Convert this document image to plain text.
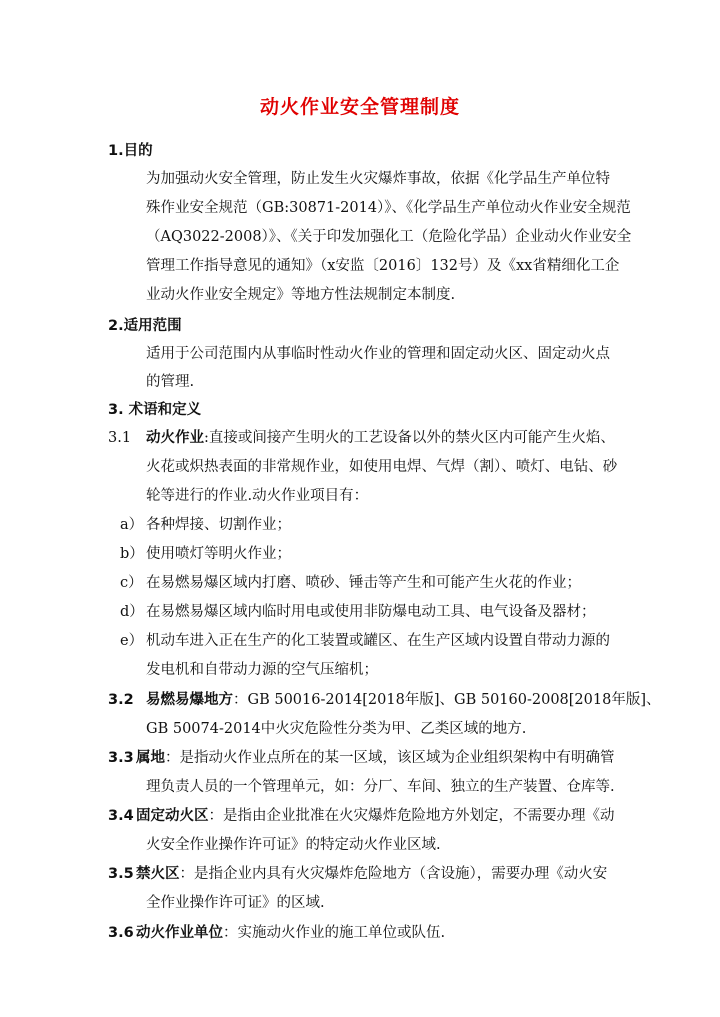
动火作业安全管理制度
1.目的
为加强动火安全管理，防止发生火灾爆炸事故，依据《化学品生产单位特
殊作业安全规范（GB:30871-2014）》、《化学品生产单位动火作业安全规范
（AQ3022-2008）》、《关于印发加强化工（危险化学品）企业动火作业安全
管理工作指导意见的通知》（x安监〔2016〕132号）及《xx省精细化工企
业动火作业安全规定》等地方性法规制定本制度.
2.适用范围
适用于公司范围内从事临时性动火作业的管理和固定动火区、固定动火点
的管理.
3. 术语和定义
3.1 动火作业:直接或间接产生明火的工艺设备以外的禁火区内可能产生火焰、
火花或炽热表面的非常规作业，如使用电焊、气焊（割）、喷灯、电钻、砂
轮等进行的作业.动火作业项目有：
a） 各种焊接、切割作业；
b） 使用喷灯等明火作业；
c） 在易燃易爆区域内打磨、喷砂、锤击等产生和可能产生火花的作业；
d） 在易燃易爆区域内临时用电或使用非防爆电动工具、电气设备及器材；
e） 机动车进入正在生产的化工装置或罐区、在生产区域内设置自带动力源的
发电机和自带动力源的空气压缩机；
3.2 易燃易爆地方：GB 50016-2014[2018年版]、GB 50160-2008[2018年版]、
GB 50074-2014中火灾危险性分类为甲、乙类区域的地方.
3.3 属地：是指动火作业点所在的某一区域，该区域为企业组织架构中有明确管
理负责人员的一个管理单元，如：分厂、车间、独立的生产装置、仓库等.
3.4 固定动火区：是指由企业批准在火灾爆炸危险地方外划定，不需要办理《动
火安全作业操作许可证》的特定动火作业区域.
3.5 禁火区：是指企业内具有火灾爆炸危险地方（含设施），需要办理《动火安
全作业操作许可证》的区域.
3.6 动火作业单位：实施动火作业的施工单位或队伍.
